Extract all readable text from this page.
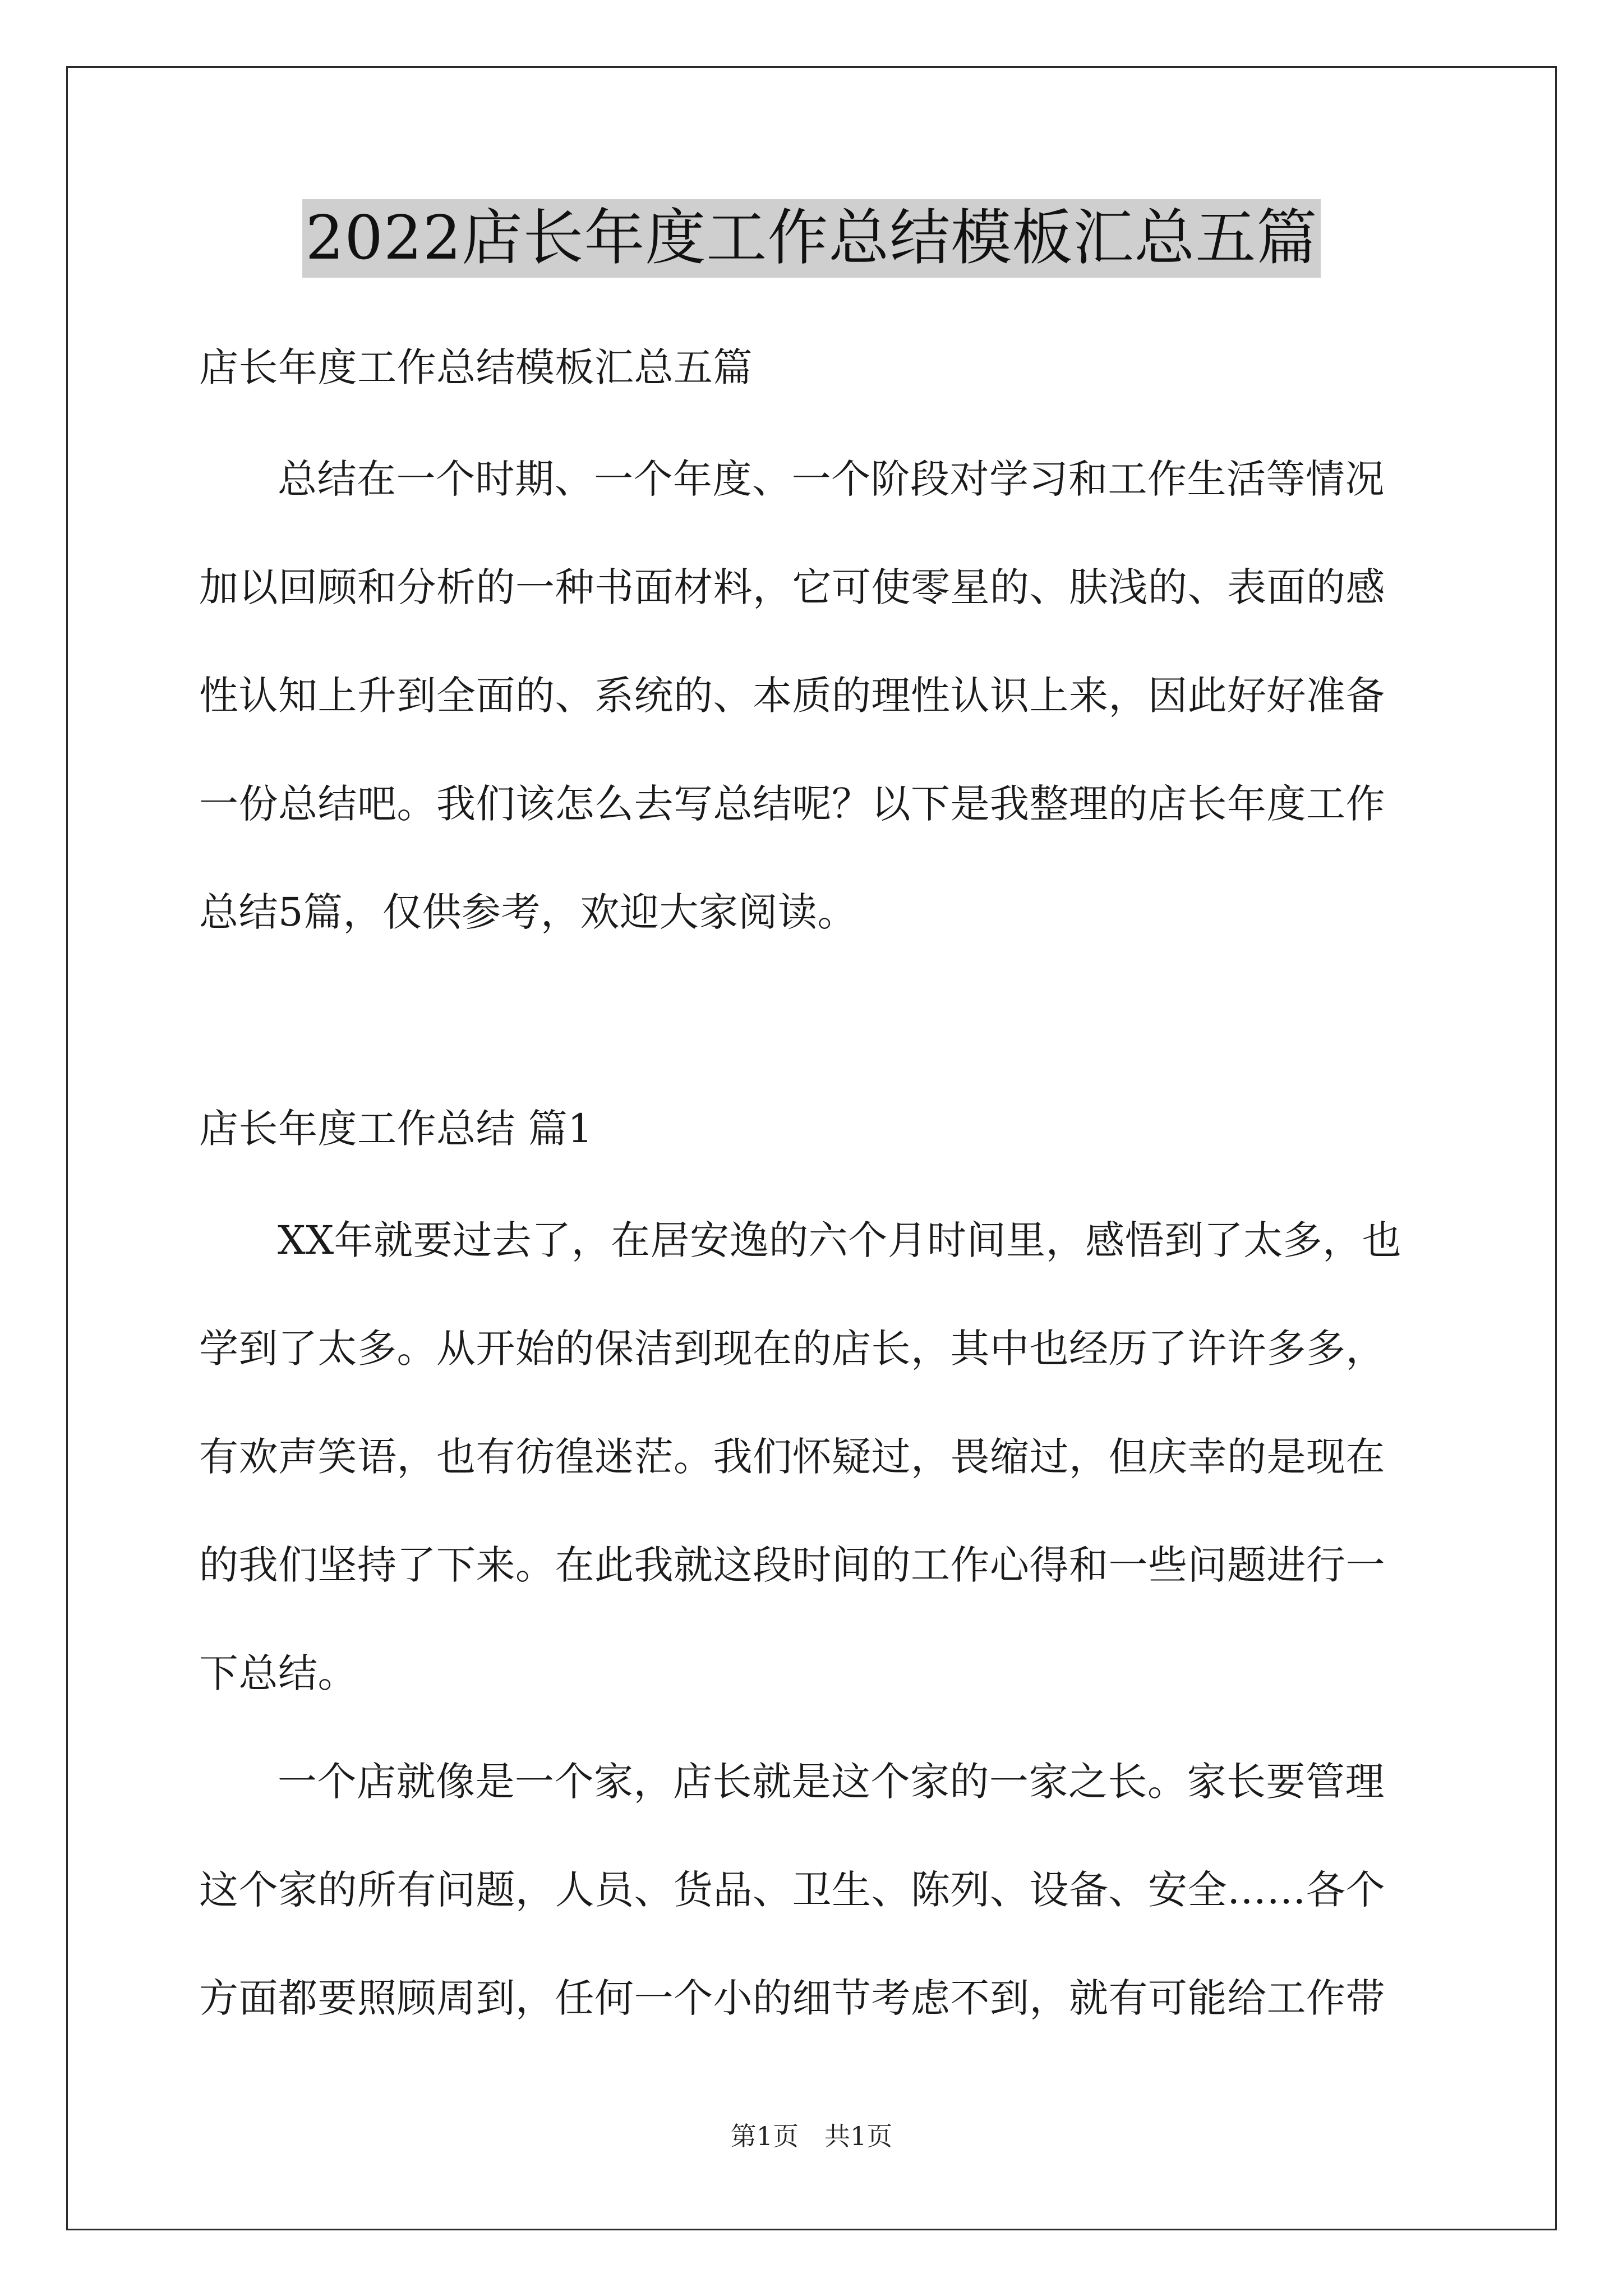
2022店长年度工作总结模板汇总五篇
店长年度工作总结模板汇总五篇
总结在一个时期、一个年度、一个阶段对学习和工作生活等情况
加以回顾和分析的一种书面材料，它可使零星的、肤浅的、表面的感
性认知上升到全面的、系统的、本质的理性认识上来，因此好好准备
一份总结吧。我们该怎么去写总结呢？以下是我整理的店长年度工作
总结5篇，仅供参考，欢迎大家阅读。
店长年度工作总结 篇1
XX年就要过去了，在居安逸的六个月时间里，感悟到了太多，也
学到了太多。从开始的保洁到现在的店长，其中也经历了许许多多，
有欢声笑语，也有彷徨迷茫。我们怀疑过，畏缩过，但庆幸的是现在
的我们坚持了下来。在此我就这段时间的工作心得和一些问题进行一
下总结。
一个店就像是一个家，店长就是这个家的一家之长。家长要管理
这个家的所有问题，人员、货品、卫生、陈列、设备、安全……各个
方面都要照顾周到，任何一个小的细节考虑不到，就有可能给工作带
第1页　共1页
